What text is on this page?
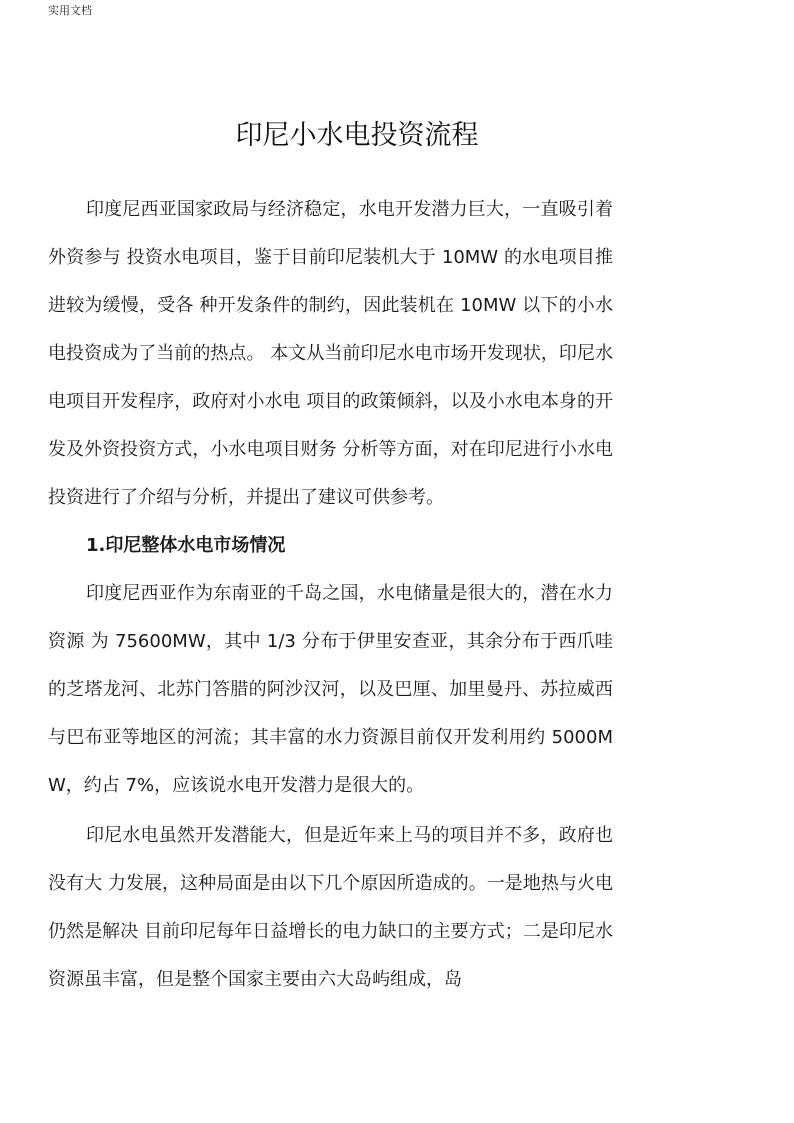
实用文档
印尼小水电投资流程

印度尼西亚国家政局与经济稳定，水电开发潜力巨大，一直吸引着外资参与 投资水电项目，鉴于目前印尼装机大于 10MW 的水电项目推进较为缓慢，受各 种开发条件的制约，因此装机在 10MW 以下的小水电投资成为了当前的热点。 本文从当前印尼水电市场开发现状，印尼水电项目开发程序，政府对小水电 项目的政策倾斜，以及小水电本身的开发及外资投资方式，小水电项目财务 分析等方面，对在印尼进行小水电投资进行了介绍与分析，并提出了建议可供参考。

1.印尼整体水电市场情况

印度尼西亚作为东南亚的千岛之国，水电储量是很大的，潜在水力资源 为 75600MW，其中 1/3 分布于伊里安查亚，其余分布于西爪哇的芝塔龙河、北苏门答腊的阿沙汉河，以及巴厘、加里曼丹、苏拉威西与巴布亚等地区的河流；其丰富的水力资源目前仅开发利用约 5000MW，约占 7%，应该说水电开发潜力是很大的。

印尼水电虽然开发潜能大，但是近年来上马的项目并不多，政府也没有大 力发展，这种局面是由以下几个原因所造成的。一是地热与火电仍然是解决 目前印尼每年日益增长的电力缺口的主要方式；二是印尼水资源虽丰富，但是整个国家主要由六大岛屿组成，岛
